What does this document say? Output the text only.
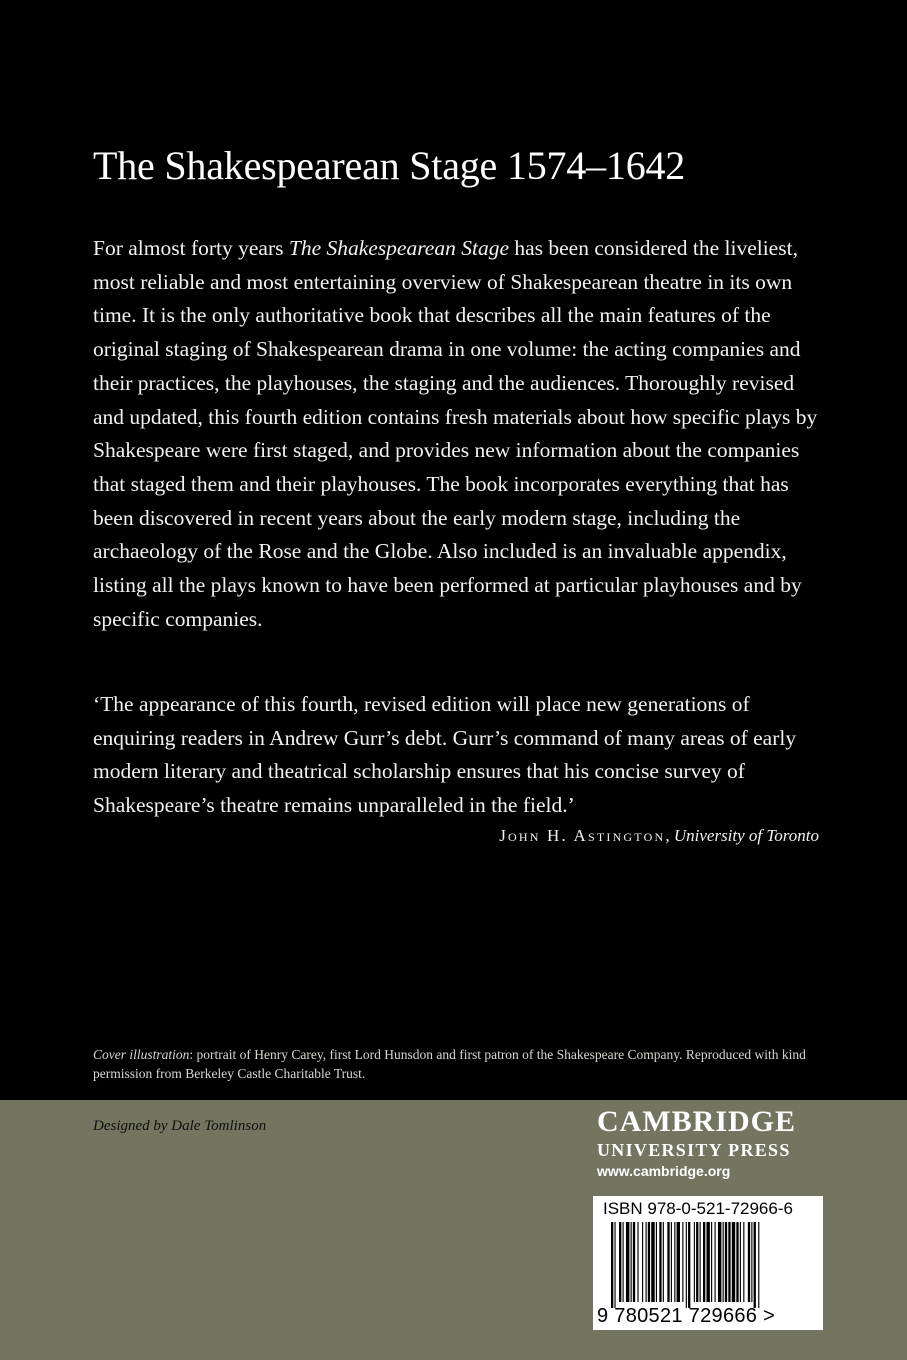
The Shakespearean Stage 1574–1642

For almost forty years The Shakespearean Stage has been considered the liveliest, most reliable and most entertaining overview of Shakespearean theatre in its own time. It is the only authoritative book that describes all the main features of the original staging of Shakespearean drama in one volume: the acting companies and their practices, the playhouses, the staging and the audiences. Thoroughly revised and updated, this fourth edition contains fresh materials about how specific plays by Shakespeare were first staged, and provides new information about the companies that staged them and their playhouses. The book incorporates everything that has been discovered in recent years about the early modern stage, including the archaeology of the Rose and the Globe. Also included is an invaluable appendix, listing all the plays known to have been performed at particular playhouses and by specific companies.

‘The appearance of this fourth, revised edition will place new generations of enquiring readers in Andrew Gurr’s debt. Gurr’s command of many areas of early modern literary and theatrical scholarship ensures that his concise survey of Shakespeare’s theatre remains unparalleled in the field.’

John H. Astington, University of Toronto

Cover illustration: portrait of Henry Carey, first Lord Hunsdon and first patron of the Shakespeare Company. Reproduced with kind permission from Berkeley Castle Charitable Trust.

Designed by Dale Tomlinson	CAMBRIDGE
UNIVERSITY PRESS
www.cambridge.org

ISBN 978-0-521-72966-6

9 780521 729666 >
